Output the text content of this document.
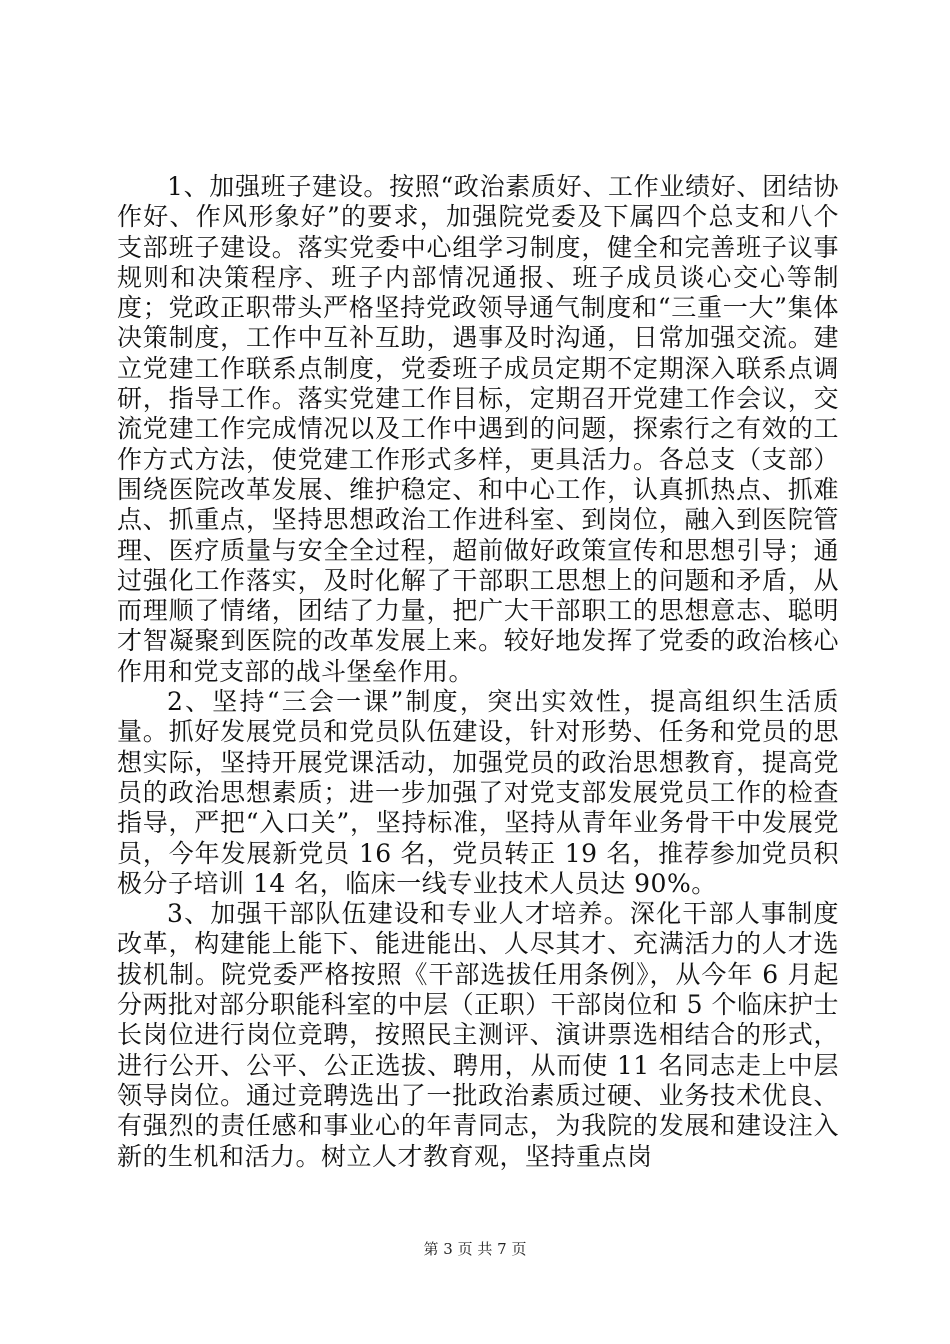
1、加强班子建设。按照“政治素质好、工作业绩好、团结协作好、作风形象好”的要求，加强院党委及下属四个总支和八个支部班子建设。落实党委中心组学习制度，健全和完善班子议事规则和决策程序、班子内部情况通报、班子成员谈心交心等制度；党政正职带头严格坚持党政领导通气制度和“三重一大”集体决策制度，工作中互补互助，遇事及时沟通，日常加强交流。建立党建工作联系点制度，党委班子成员定期不定期深入联系点调研，指导工作。落实党建工作目标，定期召开党建工作会议，交流党建工作完成情况以及工作中遇到的问题，探索行之有效的工作方式方法，使党建工作形式多样，更具活力。各总支（支部）围绕医院改革发展、维护稳定、和中心工作，认真抓热点、抓难点、抓重点，坚持思想政治工作进科室、到岗位，融入到医院管理、医疗质量与安全全过程，超前做好政策宣传和思想引导；通过强化工作落实，及时化解了干部职工思想上的问题和矛盾，从而理顺了情绪，团结了力量，把广大干部职工的思想意志、聪明才智凝聚到医院的改革发展上来。较好地发挥了党委的政治核心作用和党支部的战斗堡垒作用。

2、坚持“三会一课”制度，突出实效性，提高组织生活质量。抓好发展党员和党员队伍建设，针对形势、任务和党员的思想实际，坚持开展党课活动，加强党员的政治思想教育，提高党员的政治思想素质；进一步加强了对党支部发展党员工作的检查指导，严把“入口关”，坚持标准，坚持从青年业务骨干中发展党员，今年发展新党员 16 名，党员转正 19 名，推荐参加党员积极分子培训 14 名，临床一线专业技术人员达 90%。

3、加强干部队伍建设和专业人才培养。深化干部人事制度改革，构建能上能下、能进能出、人尽其才、充满活力的人才选拔机制。院党委严格按照《干部选拔任用条例》，从今年 6 月起分两批对部分职能科室的中层（正职）干部岗位和 5 个临床护士长岗位进行岗位竞聘，按照民主测评、演讲票选相结合的形式，进行公开、公平、公正选拔、聘用，从而使 11 名同志走上中层领导岗位。通过竞聘选出了一批政治素质过硬、业务技术优良、有强烈的责任感和事业心的年青同志，为我院的发展和建设注入新的生机和活力。树立人才教育观，坚持重点岗

第 3 页 共 7 页
